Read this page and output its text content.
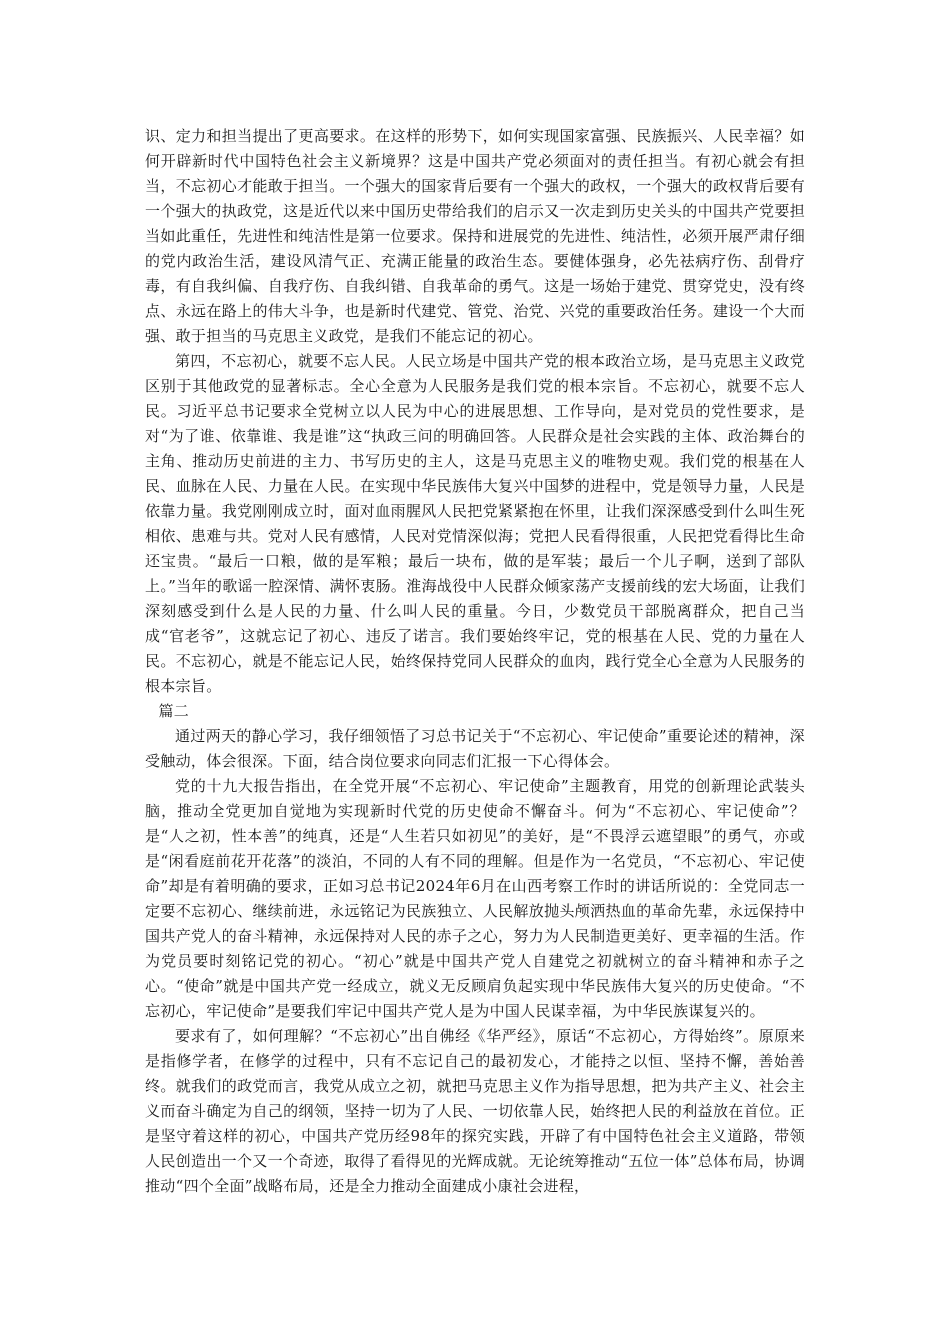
识、定力和担当提出了更高要求。在这样的形势下，如何实现国家富强、民族振兴、人民幸福？如何开辟新时代中国特色社会主义新境界？这是中国共产党必须面对的责任担当。有初心就会有担当，不忘初心才能敢于担当。一个强大的国家背后要有一个强大的政权，一个强大的政权背后要有一个强大的执政党，这是近代以来中国历史带给我们的启示又一次走到历史关头的中国共产党要担当如此重任，先进性和纯洁性是第一位要求。保持和进展党的先进性、纯洁性，必须开展严肃仔细的党内政治生活，建设风清气正、充满正能量的政治生态。要健体强身，必先祛病疗伤、刮骨疗毒，有自我纠偏、自我疗伤、自我纠错、自我革命的勇气。这是一场始于建党、贯穿党史，没有终点、永远在路上的伟大斗争，也是新时代建党、管党、治党、兴党的重要政治任务。建设一个大而强、敢于担当的马克思主义政党，是我们不能忘记的初心。

第四，不忘初心，就要不忘人民。人民立场是中国共产党的根本政治立场，是马克思主义政党区别于其他政党的显著标志。全心全意为人民服务是我们党的根本宗旨。不忘初心，就要不忘人民。习近平总书记要求全党树立以人民为中心的进展思想、工作导向，是对党员的党性要求，是对“为了谁、依靠谁、我是谁”这“执政三问的明确回答。人民群众是社会实践的主体、政治舞台的主角、推动历史前进的主力、书写历史的主人，这是马克思主义的唯物史观。我们党的根基在人民、血脉在人民、力量在人民。在实现中华民族伟大复兴中国梦的进程中，党是领导力量，人民是依靠力量。我党刚刚成立时，面对血雨腥风人民把党紧紧抱在怀里，让我们深深感受到什么叫生死相依、患难与共。党对人民有感情，人民对党情深似海；党把人民看得很重，人民把党看得比生命还宝贵。“最后一口粮，做的是军粮；最后一块布，做的是军装；最后一个儿子啊，送到了部队上。”当年的歌谣一腔深情、满怀衷肠。淮海战役中人民群众倾家荡产支援前线的宏大场面，让我们深刻感受到什么是人民的力量、什么叫人民的重量。今日，少数党员干部脱离群众，把自己当成“官老爷”，这就忘记了初心、违反了诺言。我们要始终牢记，党的根基在人民、党的力量在人民。不忘初心，就是不能忘记人民，始终保持党同人民群众的血肉，践行党全心全意为人民服务的根本宗旨。

篇二

通过两天的静心学习，我仔细领悟了习总书记关于“不忘初心、牢记使命”重要论述的精神，深受触动，体会很深。下面，结合岗位要求向同志们汇报一下心得体会。

党的十九大报告指出，在全党开展“不忘初心、牢记使命”主题教育，用党的创新理论武装头脑，推动全党更加自觉地为实现新时代党的历史使命不懈奋斗。何为“不忘初心、牢记使命”？是“人之初，性本善”的纯真，还是“人生若只如初见”的美好，是“不畏浮云遮望眼”的勇气，亦或是“闲看庭前花开花落”的淡泊，不同的人有不同的理解。但是作为一名党员，“不忘初心、牢记使命”却是有着明确的要求，正如习总书记2024年6月在山西考察工作时的讲话所说的：全党同志一定要不忘初心、继续前进，永远铭记为民族独立、人民解放抛头颅洒热血的革命先辈，永远保持中国共产党人的奋斗精神，永远保持对人民的赤子之心，努力为人民制造更美好、更幸福的生活。作为党员要时刻铭记党的初心。“初心”就是中国共产党人自建党之初就树立的奋斗精神和赤子之心。“使命”就是中国共产党一经成立，就义无反顾肩负起实现中华民族伟大复兴的历史使命。“不忘初心，牢记使命”是要我们牢记中国共产党人是为中国人民谋幸福，为中华民族谋复兴的。

要求有了，如何理解？“不忘初心”出自佛经《华严经》，原话“不忘初心，方得始终”。原原来是指修学者，在修学的过程中，只有不忘记自己的最初发心，才能持之以恒、坚持不懈，善始善终。就我们的政党而言，我党从成立之初，就把马克思主义作为指导思想，把为共产主义、社会主义而奋斗确定为自己的纲领，坚持一切为了人民、一切依靠人民，始终把人民的利益放在首位。正是坚守着这样的初心，中国共产党历经98年的探究实践，开辟了有中国特色社会主义道路，带领人民创造出一个又一个奇迹，取得了看得见的光辉成就。无论统筹推动“五位一体”总体布局，协调推动“四个全面”战略布局，还是全力推动全面建成小康社会进程，
